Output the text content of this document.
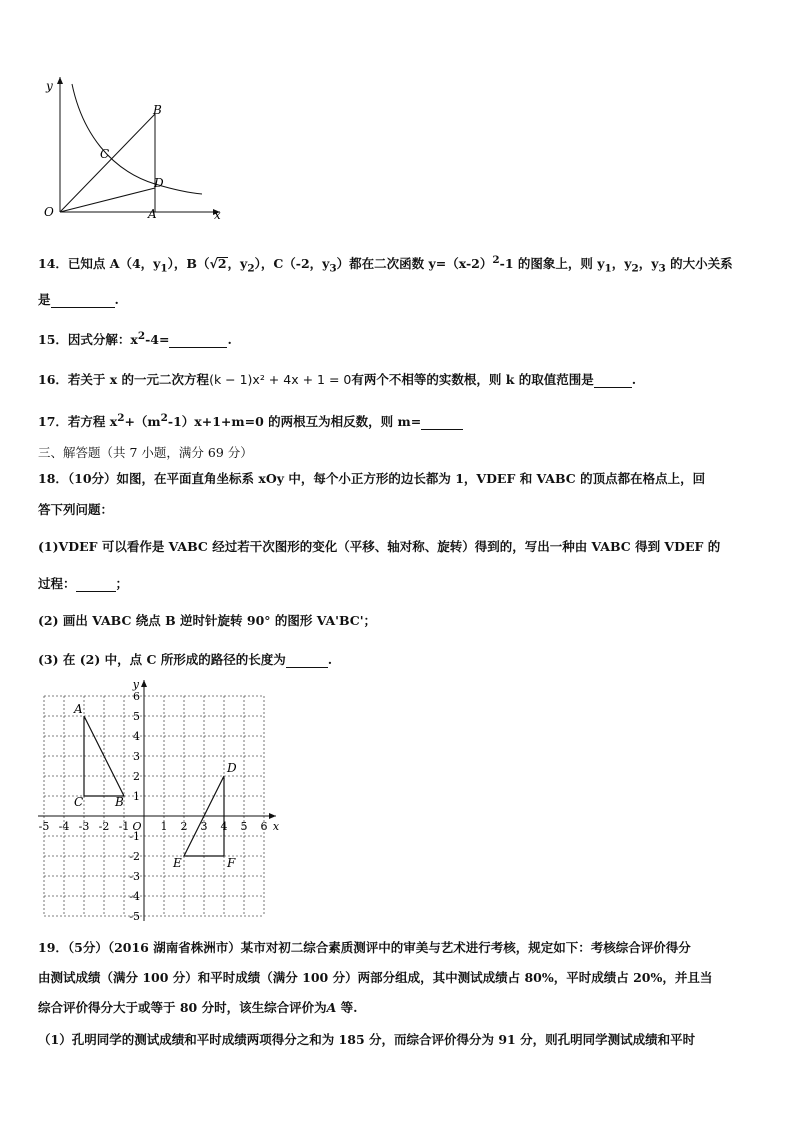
y
x
O	A
B
C
D
14．已知点 A（4，$y_1$），B（√2，$y_2$），C（-2，$y_3$）都在二次函数 $y=(x-2)^2-1$ 的图象上，则 $y_1$，$y_2$，$y_3$ 的大小关系
是	.
15．因式分解：$x^2-4=$	.
16．若关于 x 的一元二次方程(k − 1)x² + 4x + 1 = 0有两个不相等的实数根，则 k 的取值范围是	.
17．若方程 $x^2+(m^2-1)x+1+m=0$ 的两根互为相反数，则 m=
三、解答题（共 7 小题，满分 69 分）
18．（10分）如图，在平面直角坐标系 xOy 中，每个小正方形的边长都为 1，VDEF 和 VABC 的顶点都在格点上，回
答下列问题：
(1)VDEF 可以看作是 VABC 经过若干次图形的变化（平移、轴对称、旋转）得到的，写出一种由 VABC 得到 VDEF 的
过程：	；
(2) 画出 VABC 绕点 B 逆时针旋转 90° 的图形 VA'BC'；
(3) 在 (2) 中，点 C 所形成的路径的长度为	.
-5 -4 -3 -2 -1 O 1 2 3 4 5 6 x
6
5
4
3
2
1
-1
-2
-3
-4
-5
y
A
B
C
D
E	F
19．（5分）（2016 湖南省株洲市）某市对初二综合素质测评中的审美与艺术进行考核，规定如下：考核综合评价得分
由测试成绩（满分 100 分）和平时成绩（满分 100 分）两部分组成，其中测试成绩占 80%，平时成绩占 20%，并且当
综合评价得分大于或等于 80 分时，该生综合评价为A 等.
（1）孔明同学的测试成绩和平时成绩两项得分之和为 185 分，而综合评价得分为 91 分，则孔明同学测试成绩和平时
